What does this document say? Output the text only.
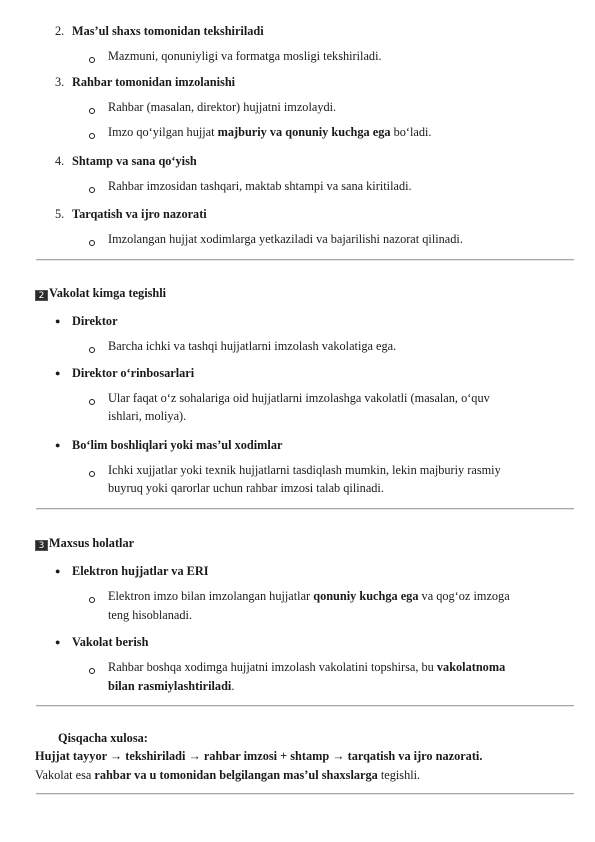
2. Mas’ul shaxs tomonidan tekshiriladi
Mazmuni, qonuniyligi va formatga mosligi tekshiriladi.
3. Rahbar tomonidan imzolanishi
Rahbar (masalan, direktor) hujjatni imzolaydi.
Imzo qo‘yilgan hujjat majburiy va qonuniy kuchga ega bo‘ladi.
4. Shtamp va sana qo‘yish
Rahbar imzosidan tashqari, maktab shtampi va sana kiritiladi.
5. Tarqatish va ijro nazorati
Imzolangan hujjat xodimlarga yetkaziladi va bajarilishi nazorat qilinadi.
2 Vakolat kimga tegishli
● Direktor
Barcha ichki va tashqi hujjatlarni imzolash vakolatiga ega.
● Direktor o‘rinbosarlari
Ular faqat o‘z sohalariga oid hujjatlarni imzolashga vakolatli (masalan, o‘quv
ishlari, moliya).
● Bo‘lim boshliqlari yoki mas’ul xodimlar
Ichki xujjatlar yoki texnik hujjatlarni tasdiqlash mumkin, lekin majburiy rasmiy
buyruq yoki qarorlar uchun rahbar imzosi talab qilinadi.
3 Maxsus holatlar
● Elektron hujjatlar va ERI
Elektron imzo bilan imzolangan hujjatlar qonuniy kuchga ega va qog‘oz imzoga
teng hisoblanadi.
● Vakolat berish
Rahbar boshqa xodimga hujjatni imzolash vakolatini topshirsa, bu vakolatnoma
bilan rasmiylashtiriladi.
Qisqacha xulosa:
Hujjat tayyor → tekshiriladi → rahbar imzosi + shtamp → tarqatish va ijro nazorati.
Vakolat esa rahbar va u tomonidan belgilangan mas’ul shaxslarga tegishli.
